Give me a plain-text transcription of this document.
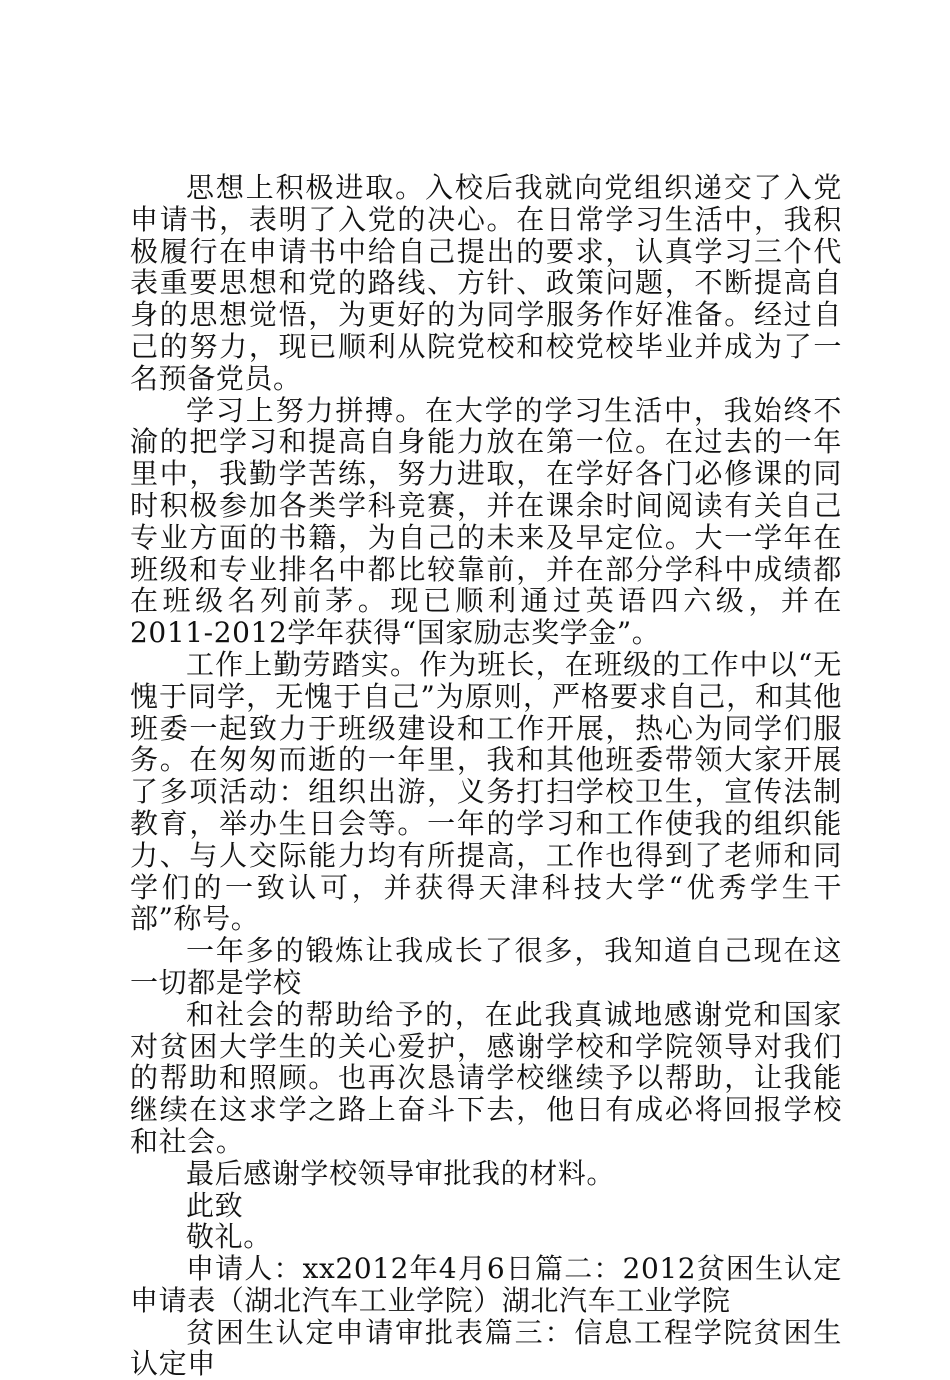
思想上积极进取。入校后我就向党组织递交了入党申请书，表明了入党的决心。在日常学习生活中，我积极履行在申请书中给自己提出的要求，认真学习三个代表重要思想和党的路线、方针、政策问题，不断提高自身的思想觉悟，为更好的为同学服务作好准备。经过自己的努力，现已顺利从院党校和校党校毕业并成为了一名预备党员。

学习上努力拼搏。在大学的学习生活中，我始终不渝的把学习和提高自身能力放在第一位。在过去的一年里中，我勤学苦练，努力进取，在学好各门必修课的同时积极参加各类学科竞赛，并在课余时间阅读有关自己专业方面的书籍，为自己的未来及早定位。大一学年在班级和专业排名中都比较靠前，并在部分学科中成绩都在班级名列前茅。现已顺利通过英语四六级，并在2011-2012学年获得“国家励志奖学金”。

工作上勤劳踏实。作为班长，在班级的工作中以“无愧于同学，无愧于自己”为原则，严格要求自己，和其他班委一起致力于班级建设和工作开展，热心为同学们服务。在匆匆而逝的一年里，我和其他班委带领大家开展了多项活动：组织出游，义务打扫学校卫生，宣传法制教育，举办生日会等。一年的学习和工作使我的组织能力、与人交际能力均有所提高，工作也得到了老师和同学们的一致认可，并获得天津科技大学“优秀学生干部”称号。

一年多的锻炼让我成长了很多，我知道自己现在这一切都是学校

和社会的帮助给予的，在此我真诚地感谢党和国家对贫困大学生的关心爱护，感谢学校和学院领导对我们的帮助和照顾。也再次恳请学校继续予以帮助，让我能继续在这求学之路上奋斗下去，他日有成必将回报学校和社会。

最后感谢学校领导审批我的材料。

此致

敬礼。

申请人：xx2012年4月6日篇二：2012贫困生认定申请表（湖北汽车工业学院）湖北汽车工业学院

贫困生认定申请审批表篇三：信息工程学院贫困生认定申
